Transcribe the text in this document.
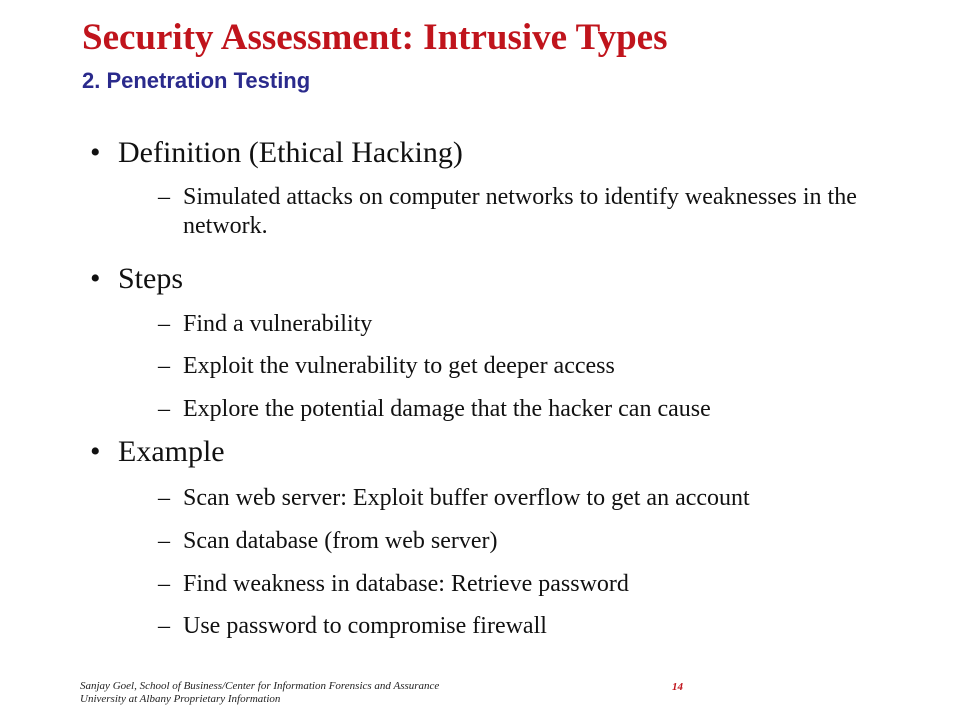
Security Assessment: Intrusive Types
2. Penetration Testing
• Definition (Ethical Hacking)
– Simulated attacks on computer networks to identify weaknesses in the network.
• Steps
– Find a vulnerability
– Exploit the vulnerability to get deeper access
– Explore the potential damage that the hacker can cause
• Example
– Scan web server: Exploit buffer overflow to get an account
– Scan database (from web server)
– Find weakness in database: Retrieve password
– Use password to compromise firewall
Sanjay Goel, School of Business/Center for Information Forensics and Assurance
University at Albany Proprietary Information
14
